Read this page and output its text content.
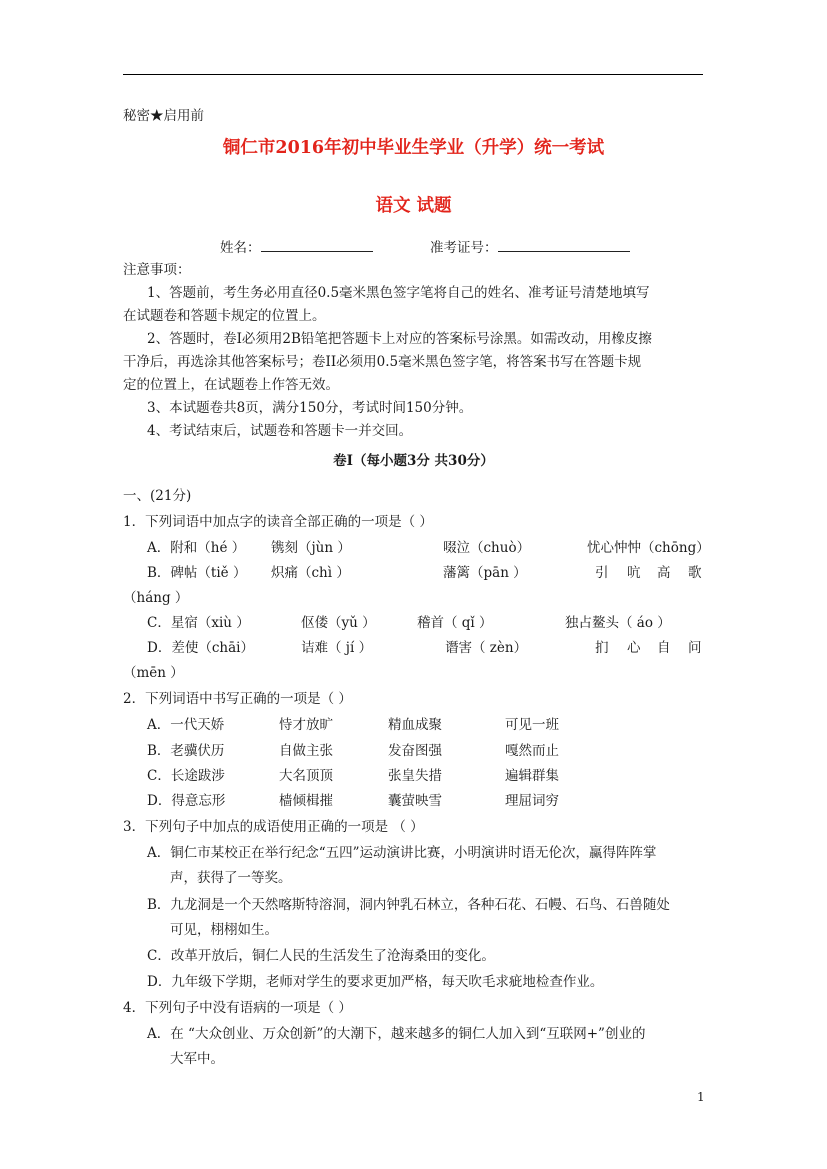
秘密★启用前
铜仁市2016年初中毕业生学业（升学）统一考试
语文 试题
姓名：	准考证号：
注意事项：
1、答题前，考生务必用直径0.5毫米黑色签字笔将自己的姓名、准考证号清楚地填写
在试题卷和答题卡规定的位置上。
2、答题时，卷I必须用2B铅笔把答题卡上对应的答案标号涂黑。如需改动，用橡皮擦
干净后，再选涂其他答案标号；卷II必须用0.5毫米黑色签字笔，将答案书写在答题卡规
定的位置上，在试题卷上作答无效。
3、本试题卷共8页，满分150分，考试时间150分钟。
4、考试结束后，试题卷和答题卡一并交回。
卷I（每小题3分 共30分）
一、(21分)
1．下列词语中加点字的读音全部正确的一项是（ ）
A．附和（hé ） 镌刻（jùn ）	啜泣（chuò）	忧心忡忡（chōng）
B．碑帖（tiě ） 炽痛（chì ）	藩篱（pān ）	引 吭 高 歌
（háng ）
C．星宿（xiù ）	伛偻（yǔ ）	稽首（ qǐ ）	独占鳌头（ áo ）
D．差使（chāi）	诘难（ jí ）	谮害（ zèn）	扪 心 自 问
（mēn ）
2．下列词语中书写正确的一项是（ ）
A．一代天娇	恃才放旷	精血成聚	可见一班
B．老骥伏历	自做主张	发奋图强	嘎然而止
C．长途跋涉	大名顶顶	张皇失措	遍辑群集
D．得意忘形	樯倾楫摧	囊萤映雪	理屈词穷
3．下列句子中加点的成语使用正确的一项是 （ ）
A．铜仁市某校正在举行纪念“五四”运动演讲比赛，小明演讲时语无伦次，赢得阵阵掌
声，获得了一等奖。
B．九龙洞是一个天然喀斯特溶洞，洞内钟乳石林立，各种石花、石幔、石鸟、石兽随处
可见，栩栩如生。
C．改革开放后，铜仁人民的生活发生了沧海桑田的变化。
D．九年级下学期，老师对学生的要求更加严格，每天吹毛求疵地检查作业。
4．下列句子中没有语病的一项是（ ）
A．在 “大众创业、万众创新”的大潮下，越来越多的铜仁人加入到“互联网+”创业的
大军中。
1
